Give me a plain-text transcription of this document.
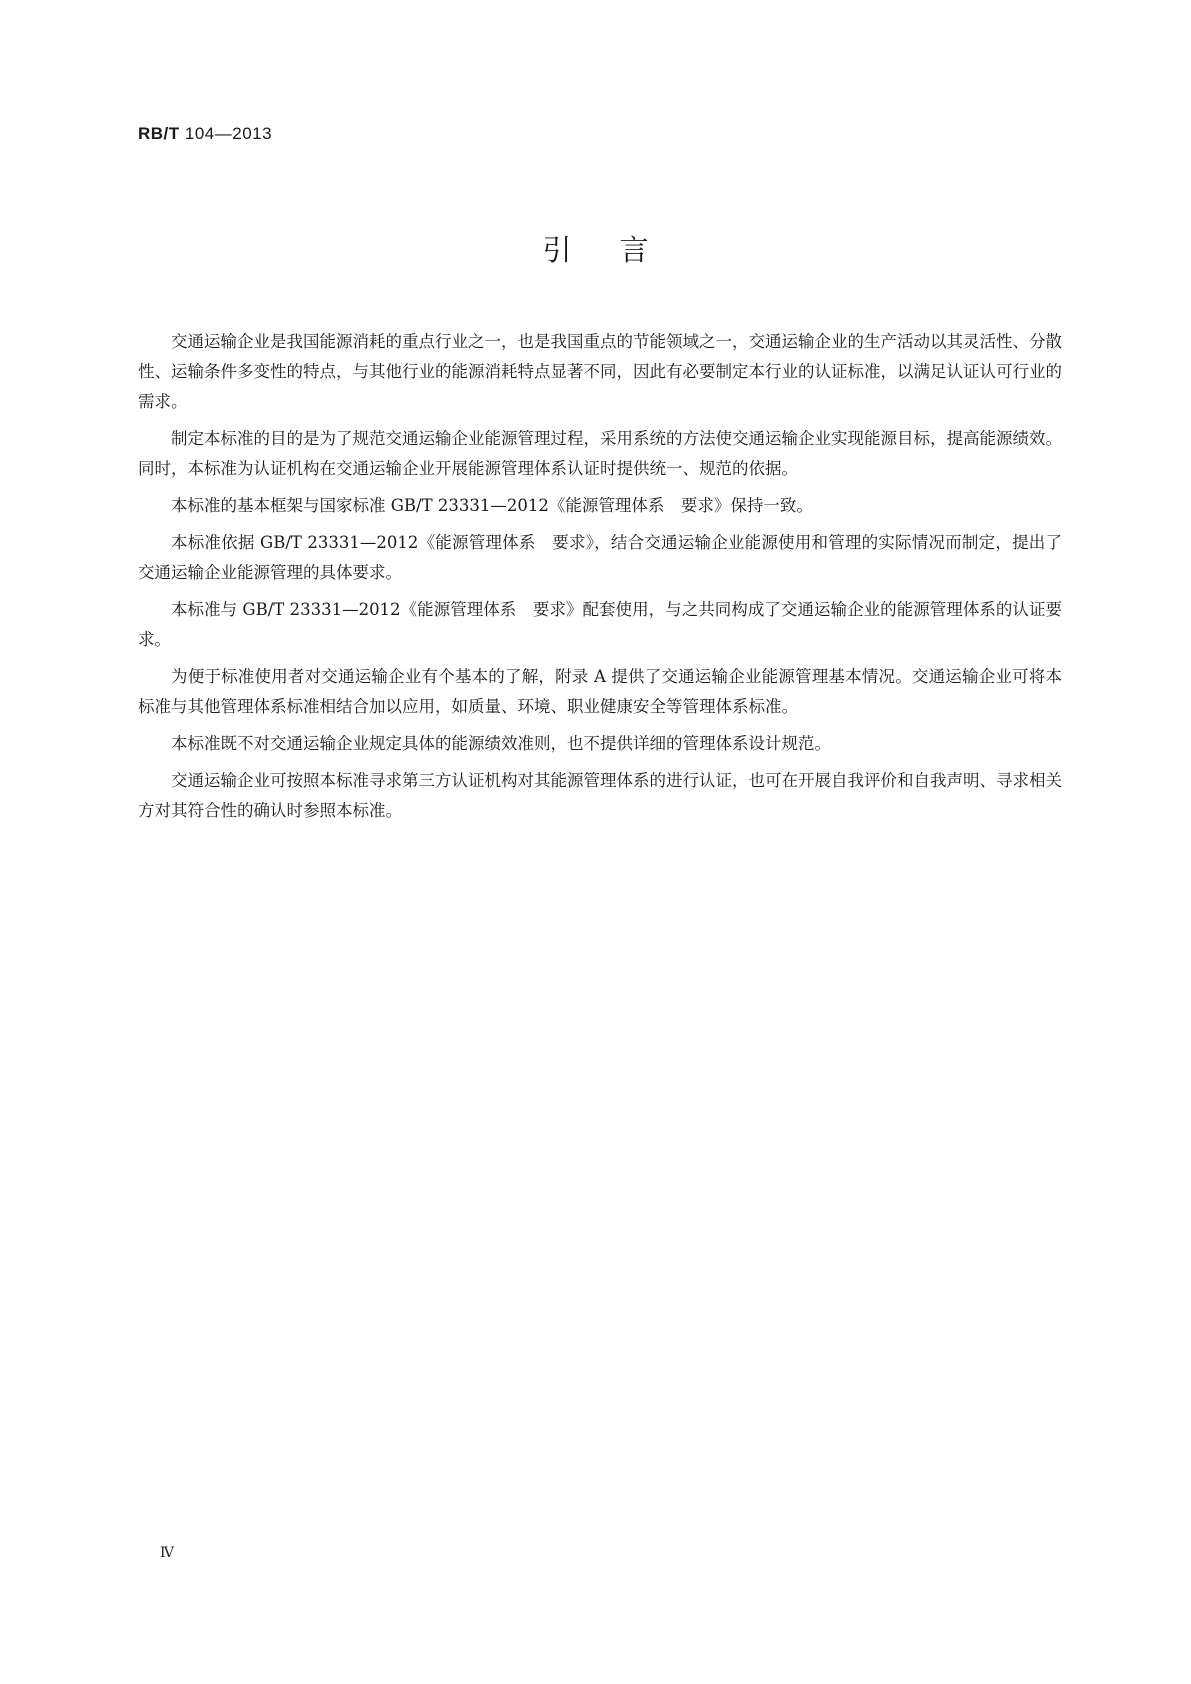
RB/T 104—2013
引言

交通运输企业是我国能源消耗的重点行业之一，也是我国重点的节能领域之一，交通运输企业的生产活动以其灵活性、分散性、运输条件多变性的特点，与其他行业的能源消耗特点显著不同，因此有必要制定本行业的认证标准，以满足认证认可行业的需求。

制定本标准的目的是为了规范交通运输企业能源管理过程，采用系统的方法使交通运输企业实现能源目标，提高能源绩效。同时，本标准为认证机构在交通运输企业开展能源管理体系认证时提供统一、规范的依据。

本标准的基本框架与国家标准 GB/T 23331—2012《能源管理体系　要求》保持一致。

本标准依据 GB/T 23331—2012《能源管理体系　要求》，结合交通运输企业能源使用和管理的实际情况而制定，提出了交通运输企业能源管理的具体要求。

本标准与 GB/T 23331—2012《能源管理体系　要求》配套使用，与之共同构成了交通运输企业的能源管理体系的认证要求。

为便于标准使用者对交通运输企业有个基本的了解，附录 A 提供了交通运输企业能源管理基本情况。交通运输企业可将本标准与其他管理体系标准相结合加以应用，如质量、环境、职业健康安全等管理体系标准。

本标准既不对交通运输企业规定具体的能源绩效准则，也不提供详细的管理体系设计规范。

交通运输企业可按照本标准寻求第三方认证机构对其能源管理体系的进行认证，也可在开展自我评价和自我声明、寻求相关方对其符合性的确认时参照本标准。

Ⅳ
